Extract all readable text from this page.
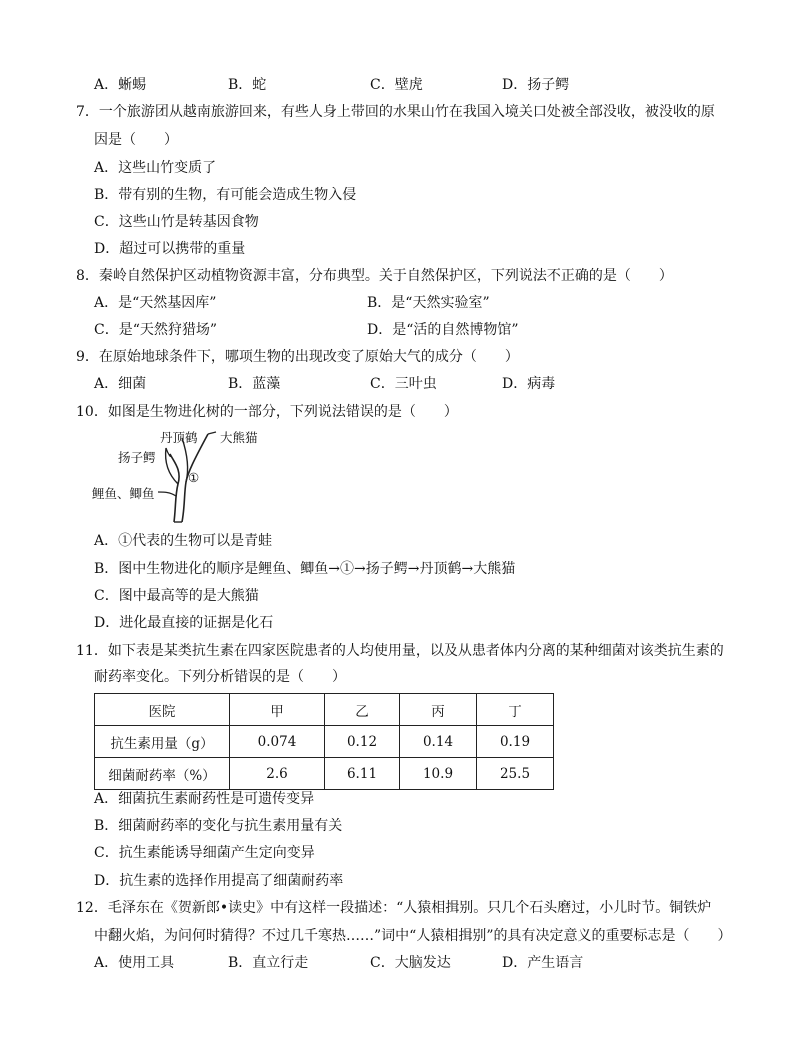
A．蜥蜴	B．蛇	C．壁虎	D．扬子鳄
7．一个旅游团从越南旅游回来，有些人身上带回的水果山竹在我国入境关口处被全部没收，被没收的原
因是（　　）
A．这些山竹变质了
B．带有别的生物，有可能会造成生物入侵
C．这些山竹是转基因食物
D．超过可以携带的重量
8．秦岭自然保护区动植物资源丰富，分布典型。关于自然保护区，下列说法不正确的是（　　）
A．是“天然基因库”	B．是“天然实验室”
C．是“天然狩猎场”	D．是“活的自然博物馆”
9．在原始地球条件下，哪项生物的出现改变了原始大气的成分（　　）
A．细菌	B．蓝藻	C．三叶虫	D．病毒
10．如图是生物进化树的一部分，下列说法错误的是（　　）
丹顶鹤 大熊猫
扬子鳄
①
鲤鱼、鲫鱼
A．①代表的生物可以是青蛙
B．图中生物进化的顺序是鲤鱼、鲫鱼→①→扬子鳄→丹顶鹤→大熊猫
C．图中最高等的是大熊猫
D．进化最直接的证据是化石
11．如下表是某类抗生素在四家医院患者的人均使用量，以及从患者体内分离的某种细菌对该类抗生素的
耐药率变化。下列分析错误的是（　　）
医院	甲	乙	丙	丁
抗生素用量（g）	0.074	0.12	0.14	0.19
细菌耐药率（%）	2.6	6.11	10.9	25.5
A．细菌抗生素耐药性是可遗传变异
B．细菌耐药率的变化与抗生素用量有关
C．抗生素能诱导细菌产生定向变异
D．抗生素的选择作用提高了细菌耐药率
12．毛泽东在《贺新郎•读史》中有这样一段描述：“人猿相揖别。只几个石头磨过，小儿时节。铜铁炉
中翻火焰，为问何时猜得？不过几千寒热……”词中“人猿相揖别”的具有决定意义的重要标志是（　　）
A．使用工具	B．直立行走	C．大脑发达	D．产生语言
